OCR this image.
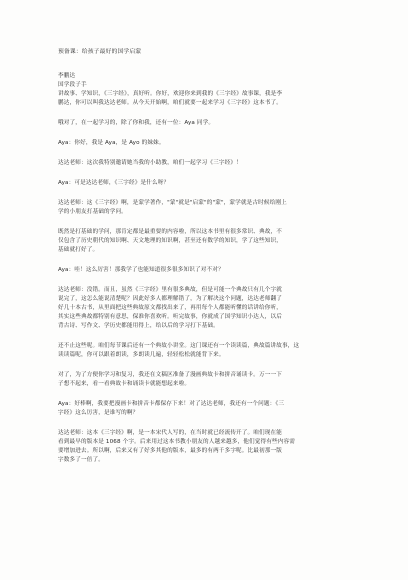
预备课：给孩子最好的国学启蒙
李鹏达
国学段子手
讲故事、学知识，《三字经》，真好听。你好，欢迎你来到我的《三字经》故事课，我是李
鹏达，你可以叫我达达老师。从今天开始啊，咱们就要一起来学习《三字经》这本书了。
哦对了，在一起学习的，除了你和我，还有一位：Aya 同学。
Aya：你好，我是 Aya，是 Ayo 的妹妹。
达达老师：这次我特别邀请她当我的小助教，咱们一起学习《三字经》！
Aya：可是达达老师，《三字经》是什么呀？
达达老师：这《三字经》啊，是蒙学著作，"蒙"就是"启蒙"的"蒙"，蒙学就是古时候给刚上
学的小朋友打基础的学问。
既然是打基础的学问，那肯定都是最重要的内容啦，所以这本书里有很多常识、典故，不
仅包含了历史朝代的知识啊、天文地理的知识啊，甚至还有数学的知识，学了这些知识，
基础就打好了。
Aya：哇！这么厉害！那我学了也能知道很多很多知识了对不对？
达达老师：没错。而且，虽然《三字经》里有很多典故，但是可能一个典故只有几个字就
说完了，这怎么能说清楚呢？因此好多人都理解错了，为了解决这个问题，达达老师翻了
好几十本古书，从里面把这些典故原文都找出来了，再用每个人都能听懂的话讲给你听，
其实这些典故都特别有意思，保准你喜欢听。听完故事，你就成了国学知识小达人，以后
背古诗、写作文、学历史都能用得上，给以后的学习打下基础。
还不止这些呢。咱们每节课后还有一个典故小讲堂。这门课还有一个读读篇，典故篇讲故事，这
读读篇呢，你可以跟着朗读，多朗读几遍，轻轻松松就能背下来。
对了，为了方便你学习和复习，我还在文稿区准备了漫画典故卡和拼音诵读卡。万一一下
子想不起来，看一看典故卡和诵读卡就能想起来啦。
Aya：好棒啊，我要把漫画卡和拼音卡都保存下来！对了达达老师，我还有一个问题：《三
字经》这么厉害，是谁写的啊？
达达老师：这本《三字经》啊，是一本宋代人写的，在当时就已经流传开了。咱们现在能
看到最早的版本是 1068 个字。后来用过这本书教小朋友的人越来越多，他们觉得有些内容需
要增加进去。所以啊，后来又有了好多其他的版本，最多的有两千多字呢。比最初那一版
字数多了一倍了。
